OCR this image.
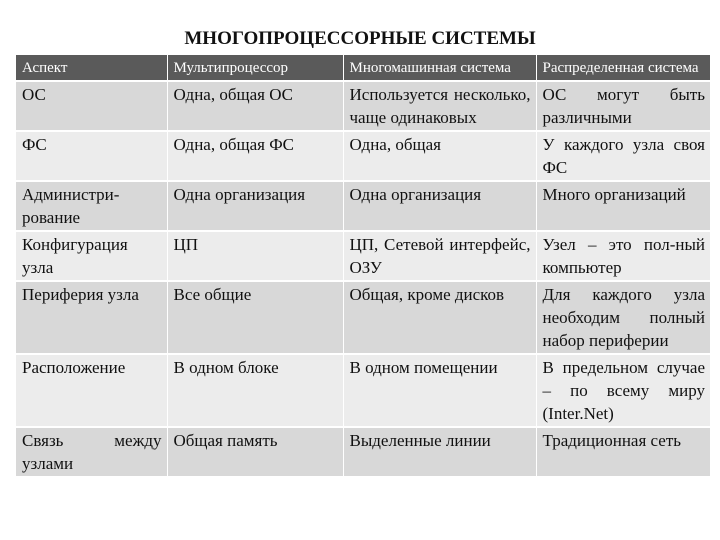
МНОГОПРОЦЕССОРНЫЕ СИСТЕМЫ
Аспект	Мультипроцессор	Многомашинная система	Распределенная система
ОС	Одна, общая ОС	Используется несколько, чаще одинаковых	ОС могут быть различными
ФС	Одна, общая ФС	Одна, общая	У каждого узла своя ФС
Администри-рование	Одна организация	Одна организация	Много организаций
Конфигурация узла	ЦП	ЦП, Сетевой интерфейс, ОЗУ	Узел – это пол-ный компьютер
Периферия узла	Все общие	Общая, кроме дисков	Для каждого узла необходим полный набор периферии
Расположение	В одном блоке	В одном помещении	В предельном случае – по всему миру (Inter.Net)
Связь между узлами	Общая память	Выделенные линии	Традиционная сеть
